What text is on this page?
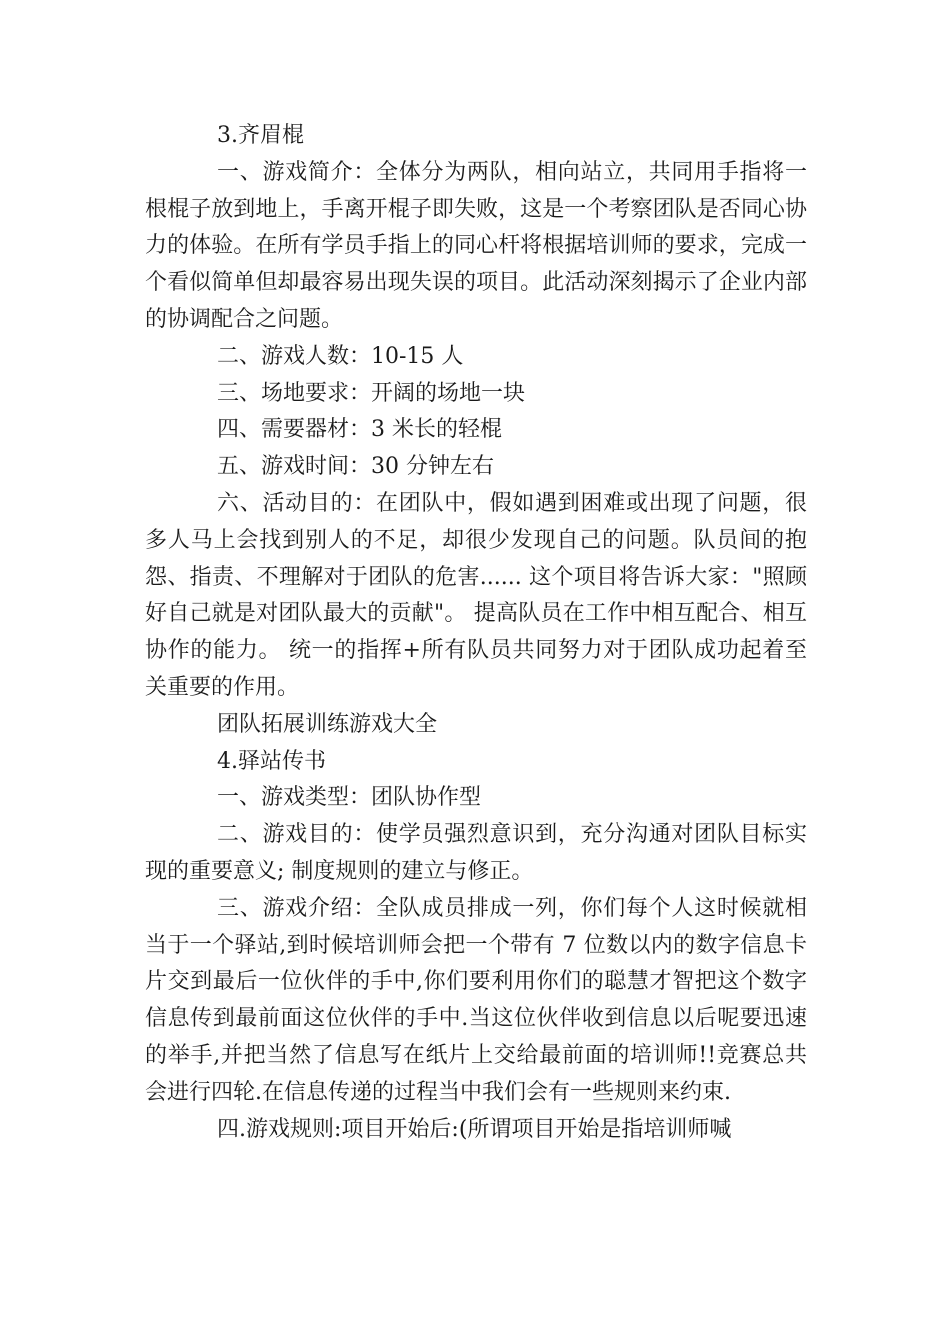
3.齐眉棍

一、游戏简介：全体分为两队，相向站立，共同用手指将一根棍子放到地上，手离开棍子即失败，这是一个考察团队是否同心协力的体验。在所有学员手指上的同心杆将根据培训师的要求，完成一个看似简单但却最容易出现失误的项目。此活动深刻揭示了企业内部的协调配合之问题。

二、游戏人数：10-15 人

三、场地要求：开阔的场地一块

四、需要器材：3 米长的轻棍

五、游戏时间：30 分钟左右

六、活动目的：在团队中，假如遇到困难或出现了问题，很多人马上会找到别人的不足，却很少发现自己的问题。队员间的抱怨、指责、不理解对于团队的危害...... 这个项目将告诉大家："照顾好自己就是对团队最大的贡献"。 提高队员在工作中相互配合、相互协作的能力。 统一的指挥+所有队员共同努力对于团队成功起着至关重要的作用。

团队拓展训练游戏大全

4.驿站传书

一、游戏类型：团队协作型

二、游戏目的：使学员强烈意识到，充分沟通对团队目标实现的重要意义; 制度规则的建立与修正。

三、游戏介绍：全队成员排成一列，你们每个人这时候就相当于一个驿站,到时候培训师会把一个带有 7 位数以内的数字信息卡片交到最后一位伙伴的手中,你们要利用你们的聪慧才智把这个数字信息传到最前面这位伙伴的手中.当这位伙伴收到信息以后呢要迅速的举手,并把当然了信息写在纸片上交给最前面的培训师!!竞赛总共会进行四轮.在信息传递的过程当中我们会有一些规则来约束.

四.游戏规则:项目开始后:(所谓项目开始是指培训师喊
